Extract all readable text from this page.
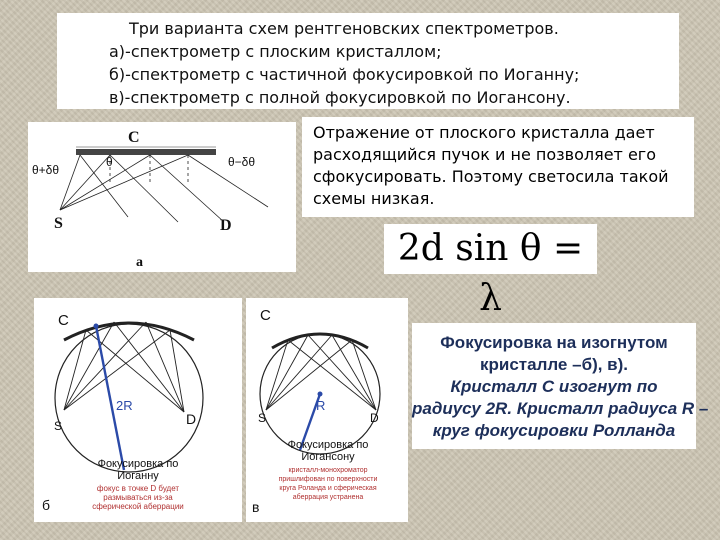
Три варианта схем рентгеновских спектрометров.
а)-спектрометр с плоским кристаллом;
б)-спектрометр с частичной фокусировкой по Иоганну;
в)-спектрометр с полной фокусировкой по Иогансону.
C
θ+δθ
θ	θ−δθ
S	D
a
Отражение от плоского кристалла дает
расходящийся пучок и не позволяет его
сфокусировать. Поэтому светосила такой
схемы низкая.
2d sin θ = λ
C
2R
S	D
Фокусировка по
Иоганну
фокус в точке D будет
размываться из-за
сферической аберрации
б
C
R
S	D
Фокусировка по
Иогансону
кристалл-монохроматор
пришлифован по поверхности
круга Роланда и сферическая
аберрация устранена
в
Фокусировка на изогнутом
кристалле –б), в).
Кристалл С изогнут по
радиусу 2R. Кристалл радиуса R –
круг фокусировки Ролланда
